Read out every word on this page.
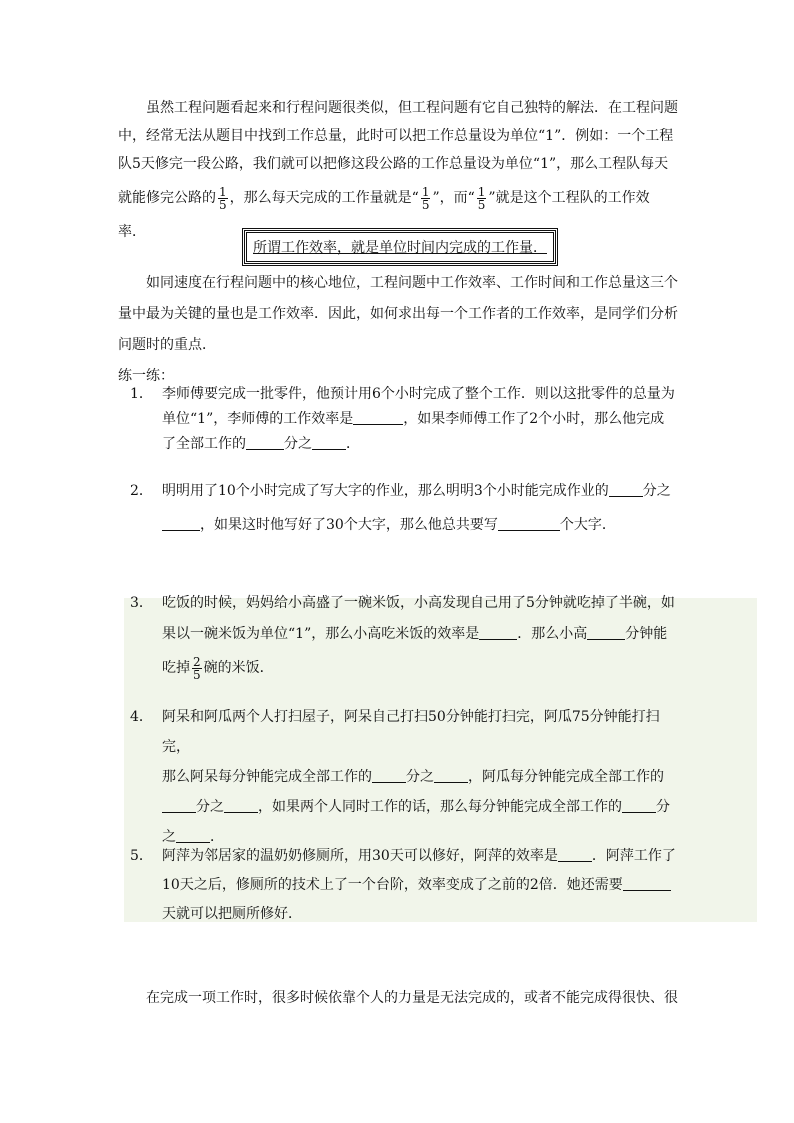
虽然工程问题看起来和行程问题很类似，但工程问题有它自己独特的解法．在工程问题
中，经常无法从题目中找到工作总量，此时可以把工作总量设为单位“1”．例如：一个工程
队5天修完一段公路，我们就可以把修这段公路的工作总量设为单位“1”，那么工程队每天
就能修完公路的 $\frac{1}{5}$ ，那么每天完成的工作量就是“ $\frac{1}{5}$ ”，而“ $\frac{1}{5}$ ”就是这个工程队的工作效
率．
所谓工作效率，就是单位时间内完成的工作量．
如同速度在行程问题中的核心地位，工程问题中工作效率、工作时间和工作总量这三个
量中最为关键的量也是工作效率．因此，如何求出每一个工作者的工作效率，是同学们分析
问题时的重点．
练一练：
1． 李师傅要完成一批零件，他预计用6个小时完成了整个工作．则以这批零件的总量为
单位“1”，李师傅的工作效率是	，如果李师傅工作了2个小时，那么他完成
了全部工作的	分之 ．
2． 明明用了10个小时完成了写大字的作业，那么明明3个小时能完成作业的 分之
，如果这时他写好了30个大字，那么他总共要写	个大字．
3． 吃饭的时候，妈妈给小高盛了一碗米饭，小高发现自己用了5分钟就吃掉了半碗，如
果以一碗米饭为单位“1”，那么小高吃米饭的效率是	．那么小高	分钟能
吃掉 $\frac{2}{5}$ 碗的米饭．
4． 阿呆和阿瓜两个人打扫屋子，阿呆自己打扫50分钟能打扫完，阿瓜75分钟能打扫完，
那么阿呆每分钟能完成全部工作的 分之 ，阿瓜每分钟能完成全部工作的
分之 ，如果两个人同时工作的话，那么每分钟能完成全部工作的 分
之 ．
5． 阿萍为邻居家的温奶奶修厕所，用30天可以修好，阿萍的效率是 ．阿萍工作了
10天之后，修厕所的技术上了一个台阶，效率变成了之前的2倍．她还需要
天就可以把厕所修好．
在完成一项工作时，很多时候依靠个人的力量是无法完成的，或者不能完成得很快、很
